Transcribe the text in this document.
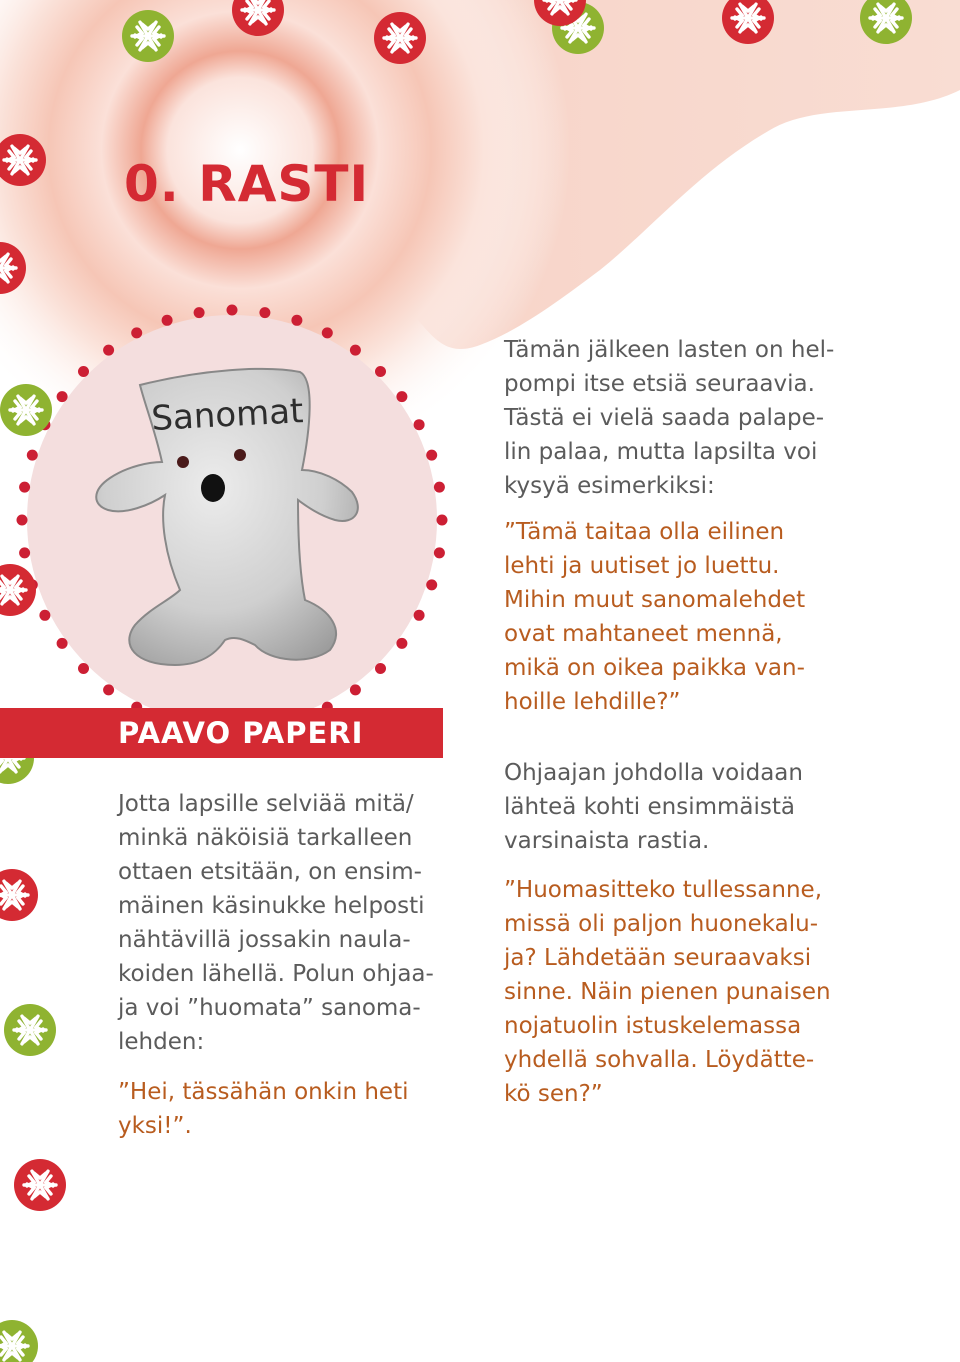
Sanomat
0. RASTI
PAAVO PAPERI

Jotta lapsille selviää mitä/
minkä näköisiä tarkalleen
ottaen etsitään, on ensim-
mäinen käsinukke helposti
nähtävillä jossakin naula-
koiden lähellä. Polun ohjaa-
ja voi ”huomata” sanoma-
lehden:

”Hei, tässähän onkin heti
yksi!”.

Tämän jälkeen lasten on hel-
pompi itse etsiä seuraavia.
Tästä ei vielä saada palape-
lin palaa, mutta lapsilta voi
kysyä esimerkiksi:

”Tämä taitaa olla eilinen
lehti ja uutiset jo luettu.
Mihin muut sanomalehdet
ovat mahtaneet mennä,
mikä on oikea paikka van-
hoille lehdille?”

Ohjaajan johdolla voidaan
lähteä kohti ensimmäistä
varsinaista rastia.

”Huomasitteko tullessanne,
missä oli paljon huonekalu-
ja? Lähdetään seuraavaksi
sinne. Näin pienen punaisen
nojatuolin istuskelemassa
yhdellä sohvalla. Löydätte-
kö sen?”
